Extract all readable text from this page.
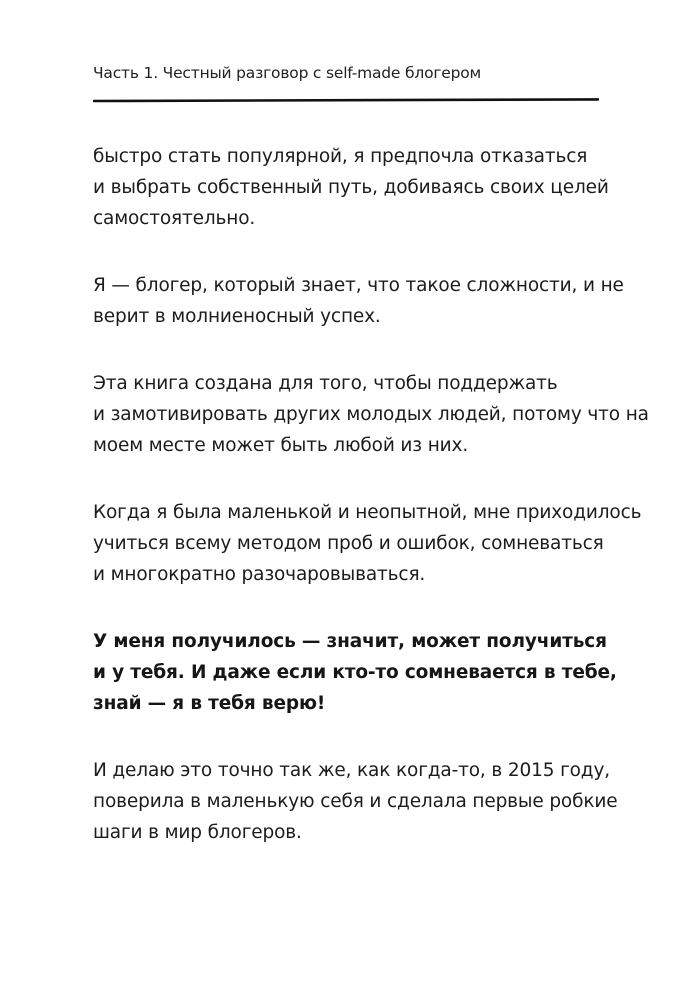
Часть 1. Честный разговор с self-made блогером

быстро стать популярной, я предпочла отказаться
и выбрать собственный путь, добиваясь своих целей
самостоятельно.

Я — блогер, который знает, что такое сложности, и не
верит в молниеносный успех.

Эта книга создана для того, чтобы поддержать
и замотивировать других молодых людей, потому что на
моем месте может быть любой из них.

Когда я была маленькой и неопытной, мне приходилось
учиться всему методом проб и ошибок, сомневаться
и многократно разочаровываться.

У меня получилось — значит, может получиться
и у тебя. И даже если кто-то сомневается в тебе,
знай — я в тебя верю!

И делаю это точно так же, как когда-то, в 2015 году,
поверила в маленькую себя и сделала первые робкие
шаги в мир блогеров.
